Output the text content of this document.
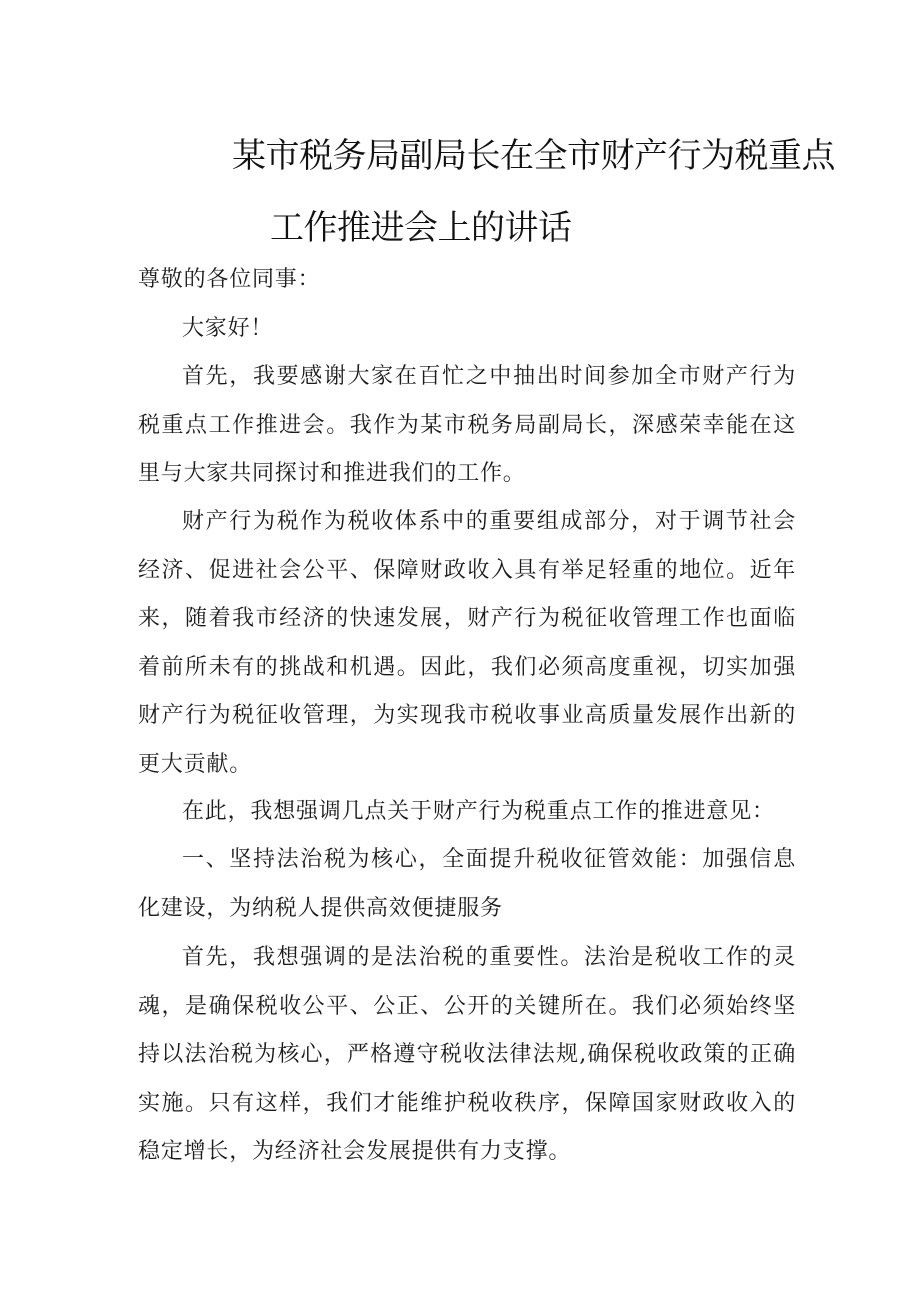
某市税务局副局长在全市财产行为税重点
工作推进会上的讲话
尊敬的各位同事：

大家好！

首先，我要感谢大家在百忙之中抽出时间参加全市财产行为税重点工作推进会。我作为某市税务局副局长，深感荣幸能在这里与大家共同探讨和推进我们的工作。

财产行为税作为税收体系中的重要组成部分，对于调节社会经济、促进社会公平、保障财政收入具有举足轻重的地位。近年来，随着我市经济的快速发展，财产行为税征收管理工作也面临着前所未有的挑战和机遇。因此，我们必须高度重视，切实加强财产行为税征收管理，为实现我市税收事业高质量发展作出新的更大贡献。

在此，我想强调几点关于财产行为税重点工作的推进意见：

一、坚持法治税为核心，全面提升税收征管效能：加强信息化建设，为纳税人提供高效便捷服务

首先，我想强调的是法治税的重要性。法治是税收工作的灵魂，是确保税收公平、公正、公开的关键所在。我们必须始终坚持以法治税为核心，严格遵守税收法律法规,确保税收政策的正确实施。只有这样，我们才能维护税收秩序，保障国家财政收入的稳定增长，为经济社会发展提供有力支撑。
